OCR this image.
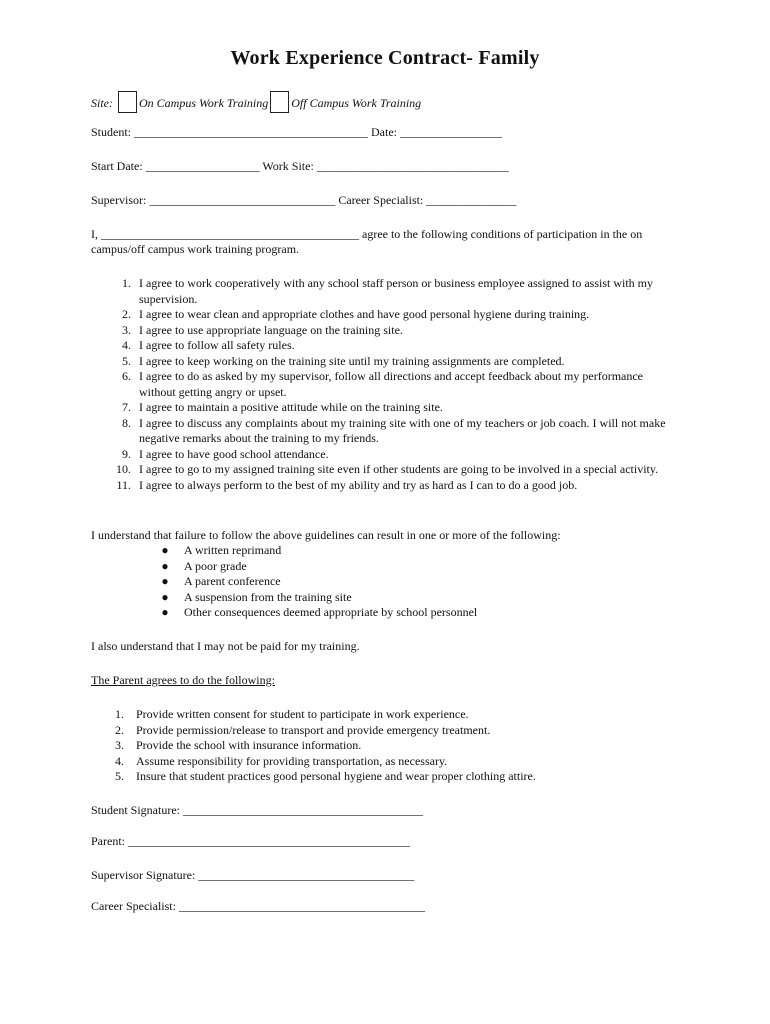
Work Experience Contract- Family
Site: On Campus Work Training Off Campus Work Training
Student: _______________________________________ Date: _________________
Start Date: ___________________ Work Site: ________________________________
Supervisor: _______________________________ Career Specialist: _______________
I, ___________________________________________ agree to the following conditions of participation in the on
campus/off campus work training program.
1. I agree to work cooperatively with any school staff person or business employee assigned to assist with my supervision.
2. I agree to wear clean and appropriate clothes and have good personal hygiene during training.
3. I agree to use appropriate language on the training site.
4. I agree to follow all safety rules.
5. I agree to keep working on the training site until my training assignments are completed.
6. I agree to do as asked by my supervisor, follow all directions and accept feedback about my performance without getting angry or upset.
7. I agree to maintain a positive attitude while on the training site.
8. I agree to discuss any complaints about my training site with one of my teachers or job coach. I will not make negative remarks about the training to my friends.
9. I agree to have good school attendance.
10. I agree to go to my assigned training site even if other students are going to be involved in a special activity.
11. I agree to always perform to the best of my ability and try as hard as I can to do a good job.
I understand that failure to follow the above guidelines can result in one or more of the following:
● A written reprimand
● A poor grade
● A parent conference
● A suspension from the training site
● Other consequences deemed appropriate by school personnel
I also understand that I may not be paid for my training.
The Parent agrees to do the following:
1. Provide written consent for student to participate in work experience.
2. Provide permission/release to transport and provide emergency treatment.
3. Provide the school with insurance information.
4. Assume responsibility for providing transportation, as necessary.
5. Insure that student practices good personal hygiene and wear proper clothing attire.
Student Signature: ________________________________________
Parent: _______________________________________________
Supervisor Signature: ____________________________________
Career Specialist: _________________________________________
